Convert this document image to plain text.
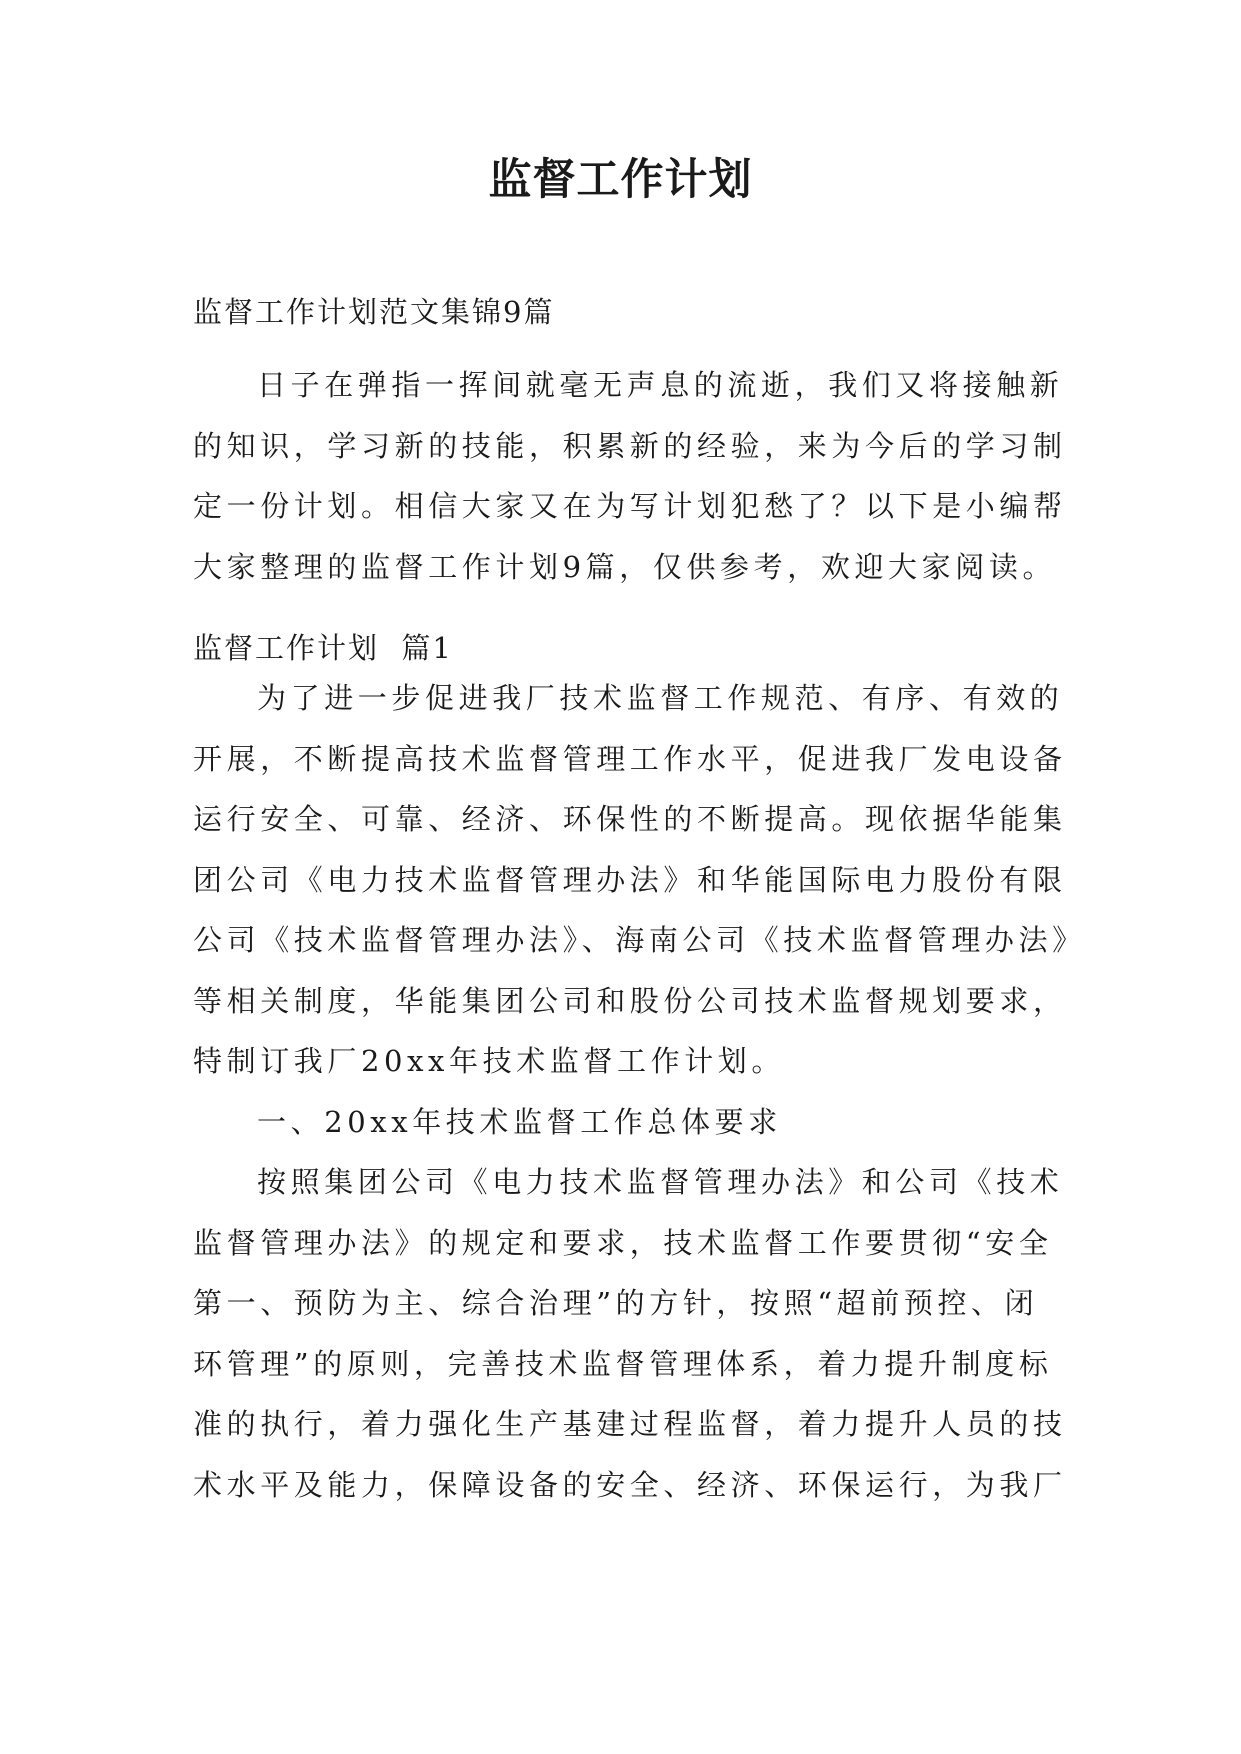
监督工作计划
监督工作计划范文集锦9篇
日子在弹指一挥间就毫无声息的流逝，我们又将接触新
的知识，学习新的技能，积累新的经验，来为今后的学习制
定一份计划。相信大家又在为写计划犯愁了？以下是小编帮
大家整理的监督工作计划9篇，仅供参考，欢迎大家阅读。
监督工作计划  篇1
为了进一步促进我厂技术监督工作规范、有序、有效的
开展，不断提高技术监督管理工作水平，促进我厂发电设备
运行安全、可靠、经济、环保性的不断提高。现依据华能集
团公司《电力技术监督管理办法》和华能国际电力股份有限
公司《技术监督管理办法》、海南公司《技术监督管理办法》
等相关制度，华能集团公司和股份公司技术监督规划要求，
特制订我厂20xx年技术监督工作计划。
一、20xx年技术监督工作总体要求
按照集团公司《电力技术监督管理办法》和公司《技术
监督管理办法》的规定和要求，技术监督工作要贯彻“安全
第一、预防为主、综合治理”的方针，按照“超前预控、闭
环管理”的原则，完善技术监督管理体系，着力提升制度标
准的执行，着力强化生产基建过程监督，着力提升人员的技
术水平及能力，保障设备的安全、经济、环保运行，为我厂
